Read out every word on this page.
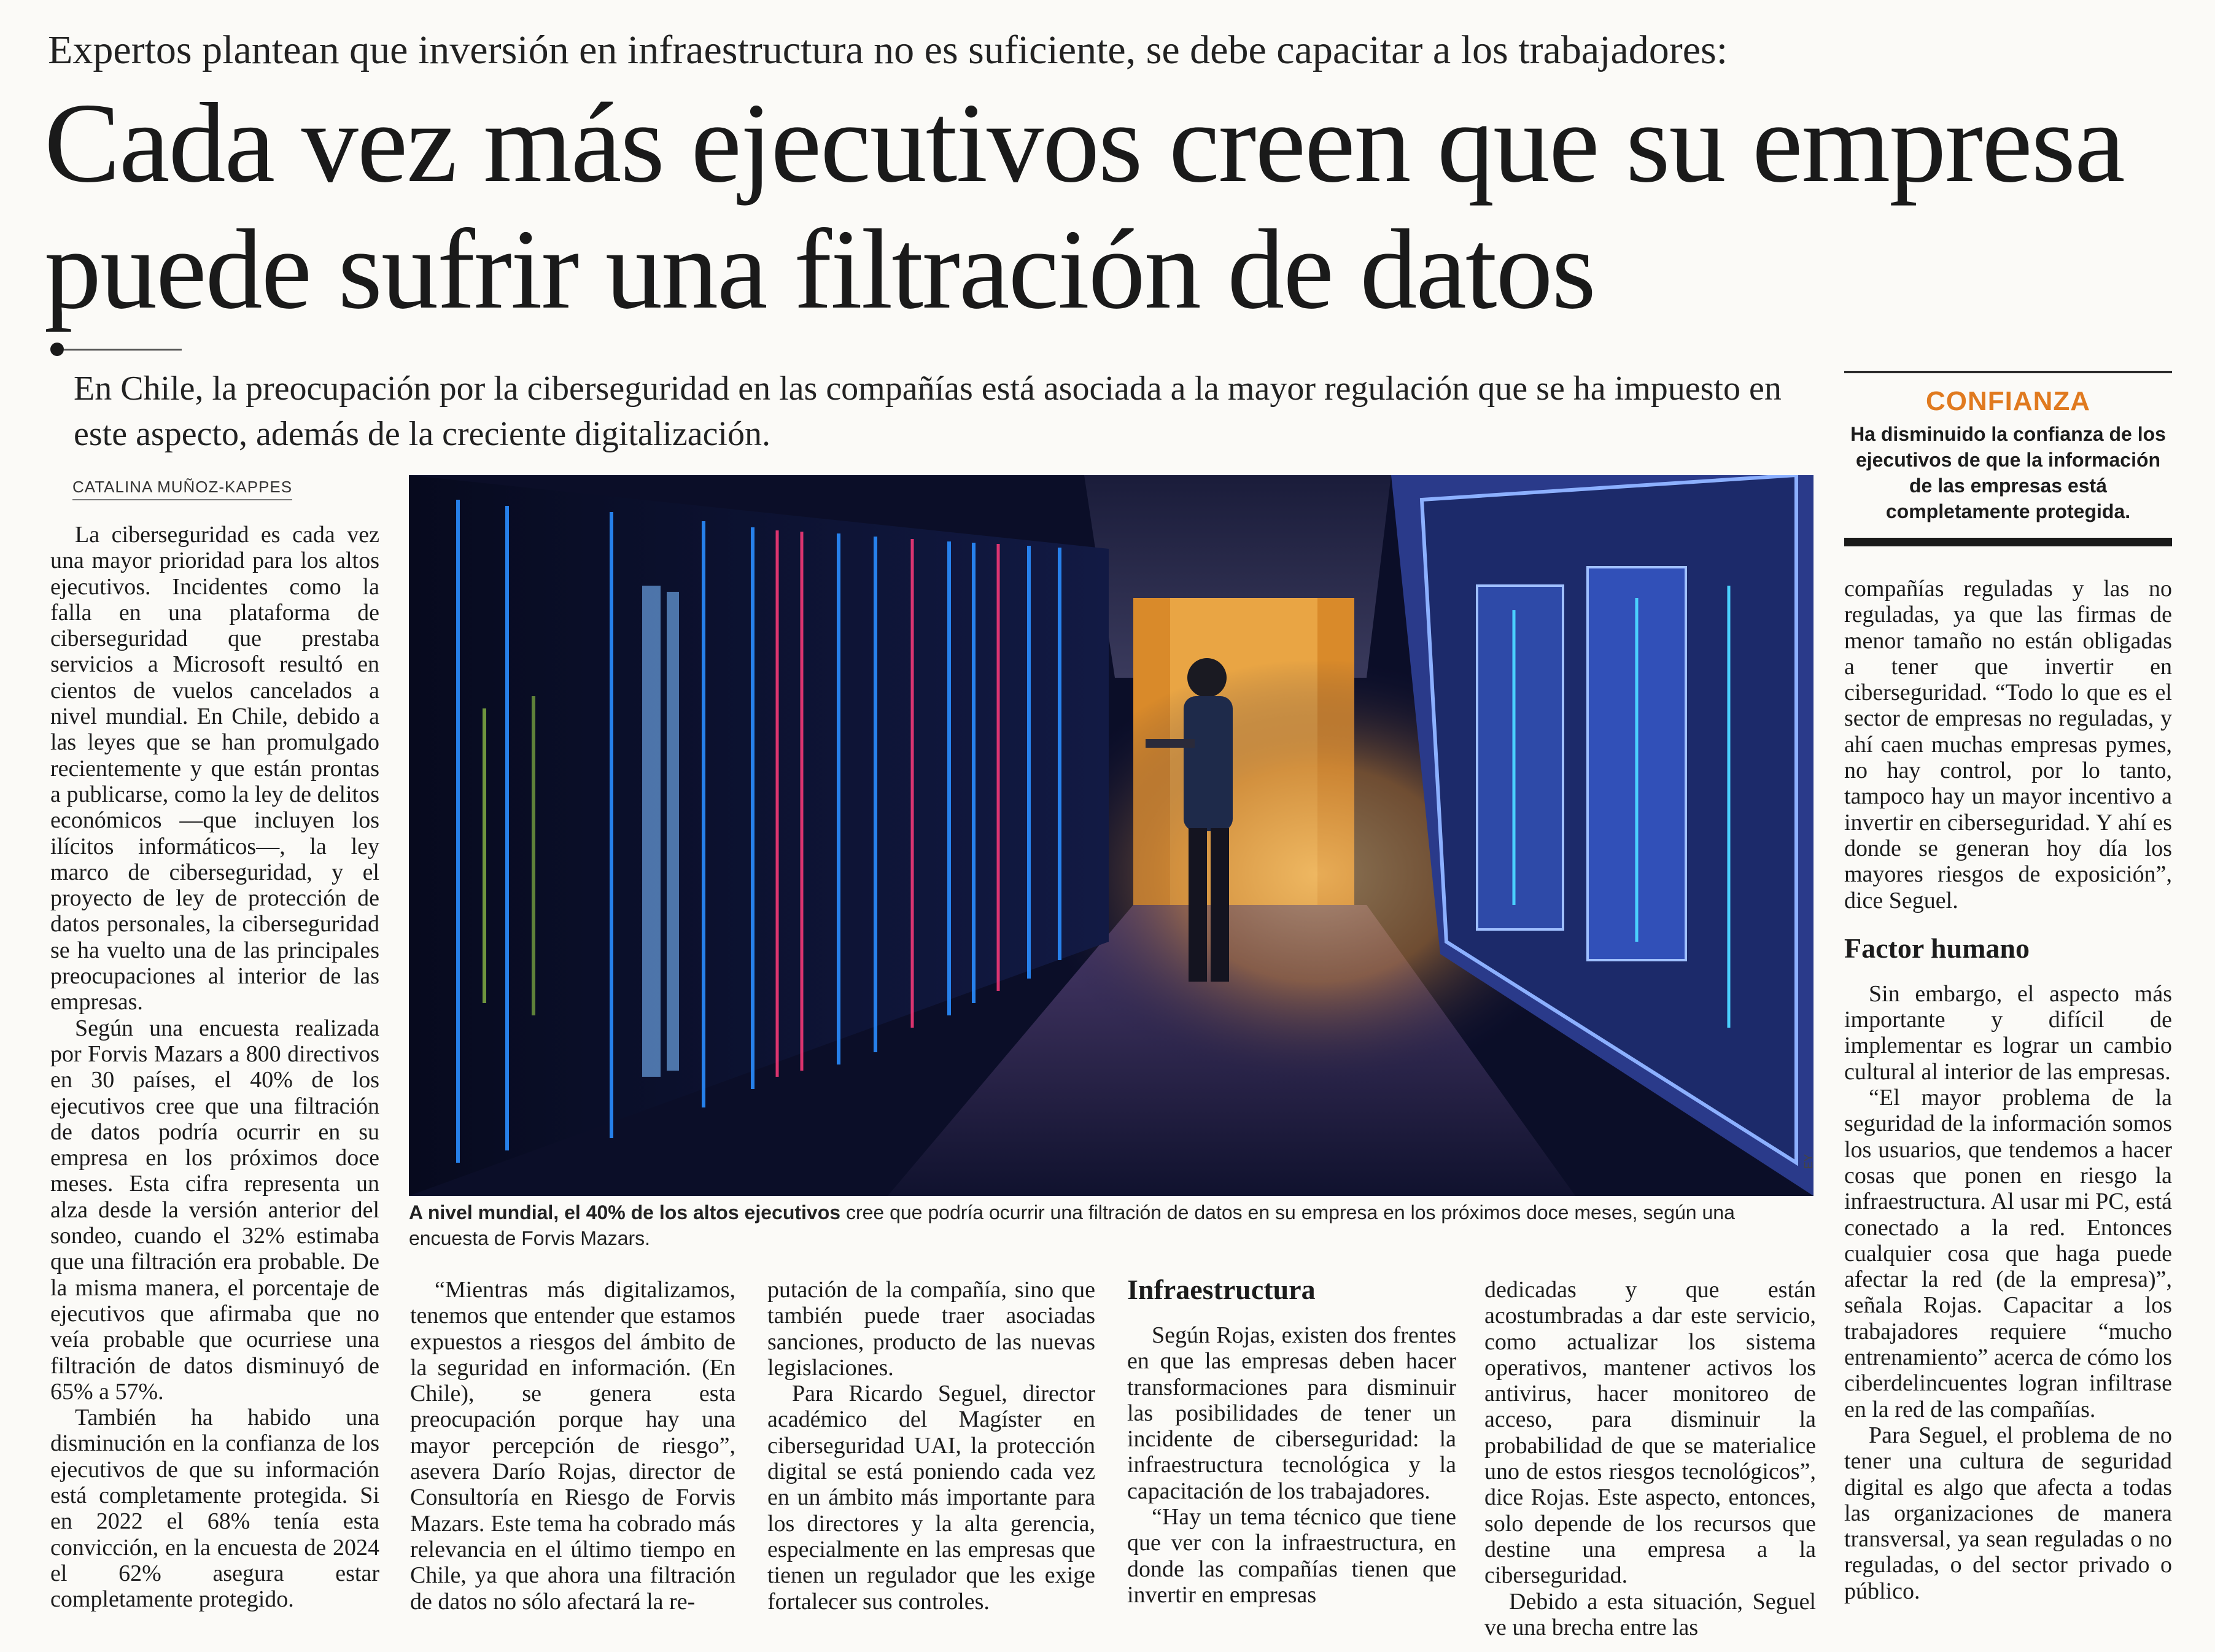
Expertos plantean que inversión en infraestructura no es suficiente, se debe capacitar a los trabajadores:
Cada vez más ejecutivos creen que su empresa puede sufrir una filtración de datos
En Chile, la preocupación por la ciberseguridad en las compañías está asociada a la mayor regulación que se ha impuesto en este aspecto, además de la creciente digitalización.
CATALINA MUÑOZ-KAPPES
EY
A nivel mundial, el 40% de los altos ejecutivos cree que podría ocurrir una filtración de datos en su empresa en los próximos doce meses, según una encuesta de Forvis Mazars.
CONFIANZA
Ha disminuido la confianza de los ejecutivos de que la información de las empresas está completamente protegida.

La ciberseguridad es cada vez una mayor prioridad para los altos ejecutivos. Incidentes como la falla en una plataforma de ciberseguridad que prestaba servicios a Microsoft resultó en cientos de vuelos cancelados a nivel mundial. En Chile, debido a las leyes que se han promulgado recientemente y que están prontas a publicarse, como la ley de delitos económicos —que incluyen los ilícitos informáticos—, la ley marco de ciberseguridad, y el proyecto de ley de protección de datos personales, la ciberseguridad se ha vuelto una de las principales preocupaciones al interior de las empresas.

Según una encuesta realizada por Forvis Mazars a 800 directivos en 30 países, el 40% de los ejecutivos cree que una filtración de datos podría ocurrir en su empresa en los próximos doce meses. Esta cifra representa un alza desde la versión anterior del sondeo, cuando el 32% estimaba que una filtración era probable. De la misma manera, el porcentaje de ejecutivos que afirmaba que no veía probable que ocurriese una filtración de datos disminuyó de 65% a 57%.

También ha habido una disminución en la confianza de los ejecutivos de que su información está completamente protegida. Si en 2022 el 68% tenía esta convicción, en la encuesta de 2024 el 62% asegura estar completamente protegido.

“Mientras más digitalizamos, tenemos que entender que estamos expuestos a riesgos del ámbito de la seguridad en información. (En Chile), se genera esta preocupación porque hay una mayor percepción de riesgo”, asevera Darío Rojas, director de Consultoría en Riesgo de Forvis Mazars. Este tema ha cobrado más relevancia en el último tiempo en Chile, ya que ahora una filtración de datos no sólo afectará la re-

putación de la compañía, sino que también puede traer asociadas sanciones, producto de las nuevas legislaciones.

Para Ricardo Seguel, director académico del Magíster en ciberseguridad UAI, la protección digital se está poniendo cada vez en un ámbito más importante para los directores y la alta gerencia, especialmente en las empresas que tienen un regulador que les exige fortalecer sus controles.

Infraestructura

Según Rojas, existen dos frentes en que las empresas deben hacer transformaciones para disminuir las posibilidades de tener un incidente de ciberseguridad: la infraestructura tecnológica y la capacitación de los trabajadores.

“Hay un tema técnico que tiene que ver con la infraestructura, en donde las compañías tienen que invertir en empresas

dedicadas y que están acostumbradas a dar este servicio, como actualizar los sistema operativos, mantener activos los antivirus, hacer monitoreo de acceso, para disminuir la probabilidad de que se materialice uno de estos riesgos tecnológicos”, dice Rojas. Este aspecto, entonces, solo depende de los recursos que destine una empresa a la ciberseguridad.

Debido a esta situación, Seguel ve una brecha entre las

compañías reguladas y las no reguladas, ya que las firmas de menor tamaño no están obligadas a tener que invertir en ciberseguridad. “Todo lo que es el sector de empresas no reguladas, y ahí caen muchas empresas pymes, no hay control, por lo tanto, tampoco hay un mayor incentivo a invertir en ciberseguridad. Y ahí es donde se generan hoy día los mayores riesgos de exposición”, dice Seguel.

Factor humano

Sin embargo, el aspecto más importante y difícil de implementar es lograr un cambio cultural al interior de las empresas.

“El mayor problema de la seguridad de la información somos los usuarios, que tendemos a hacer cosas que ponen en riesgo la infraestructura. Al usar mi PC, está conectado a la red. Entonces cualquier cosa que haga puede afectar la red (de la empresa)”, señala Rojas. Capacitar a los trabajadores requiere “mucho entrenamiento” acerca de cómo los ciberdelincuentes logran infiltrase en la red de las compañías.

Para Seguel, el problema de no tener una cultura de seguridad digital es algo que afecta a todas las organizaciones de manera transversal, ya sean reguladas o no reguladas, o del sector privado o público.
